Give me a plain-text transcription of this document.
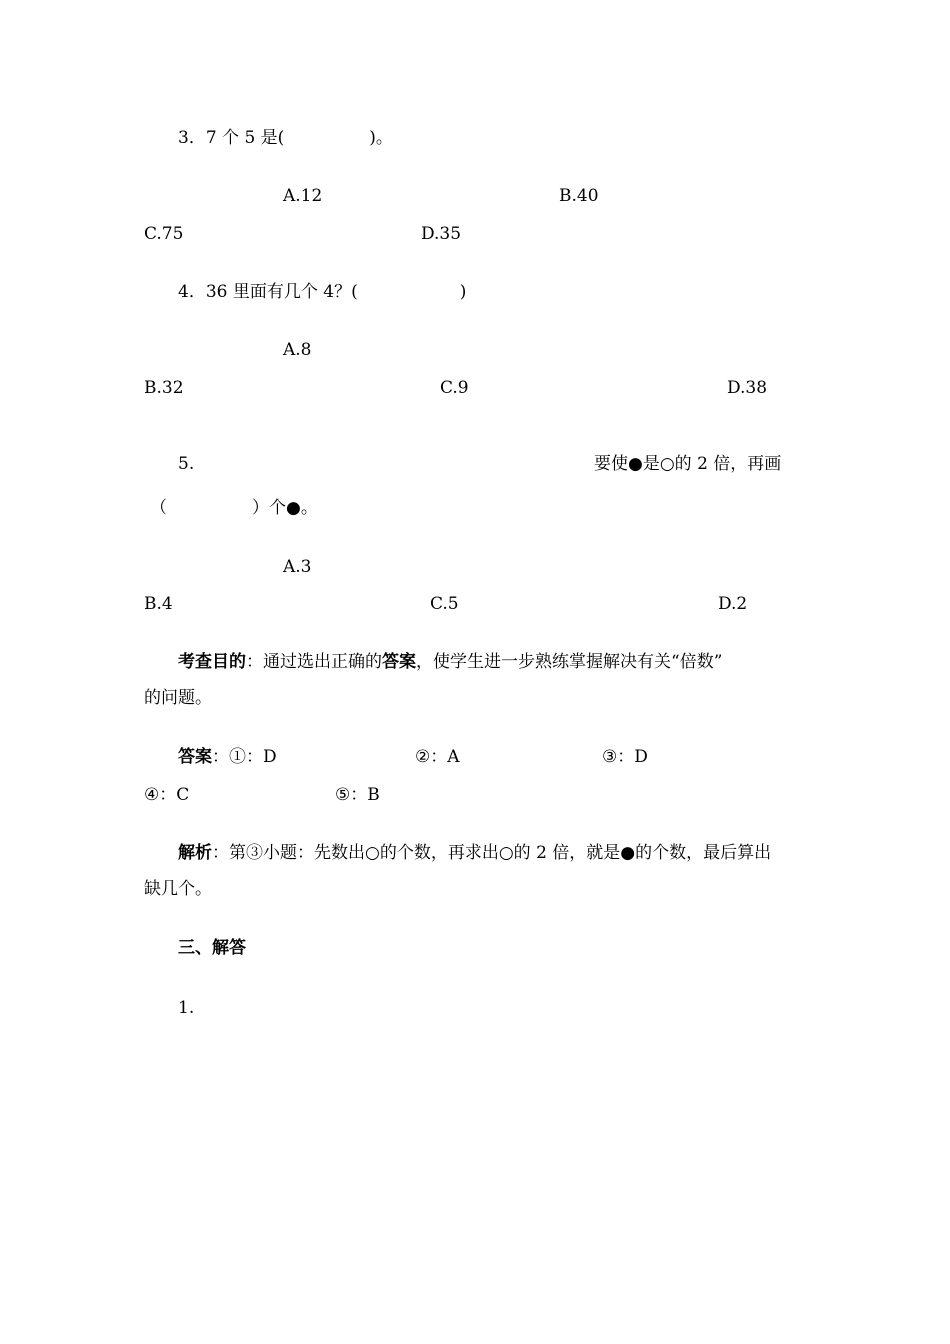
3．7 个 5 是(　　　　　)。
A.12	B.40
C.75	D.35
4．36 里面有几个 4？(　　　　　　)
A.8
B.32	C.9	D.38
5.	要使●是○的 2 倍，再画
（　　　　　）个●。
A.3
B.4	C.5	D.2
考查目的：通过选出正确的答案，使学生进一步熟练掌握解决有关“倍数”
的问题。
答案：①：D	②：A	③：D
④：C	⑤：B
解析：第③小题：先数出○的个数，再求出○的 2 倍，就是●的个数，最后算出
缺几个。
三、解答
1.
